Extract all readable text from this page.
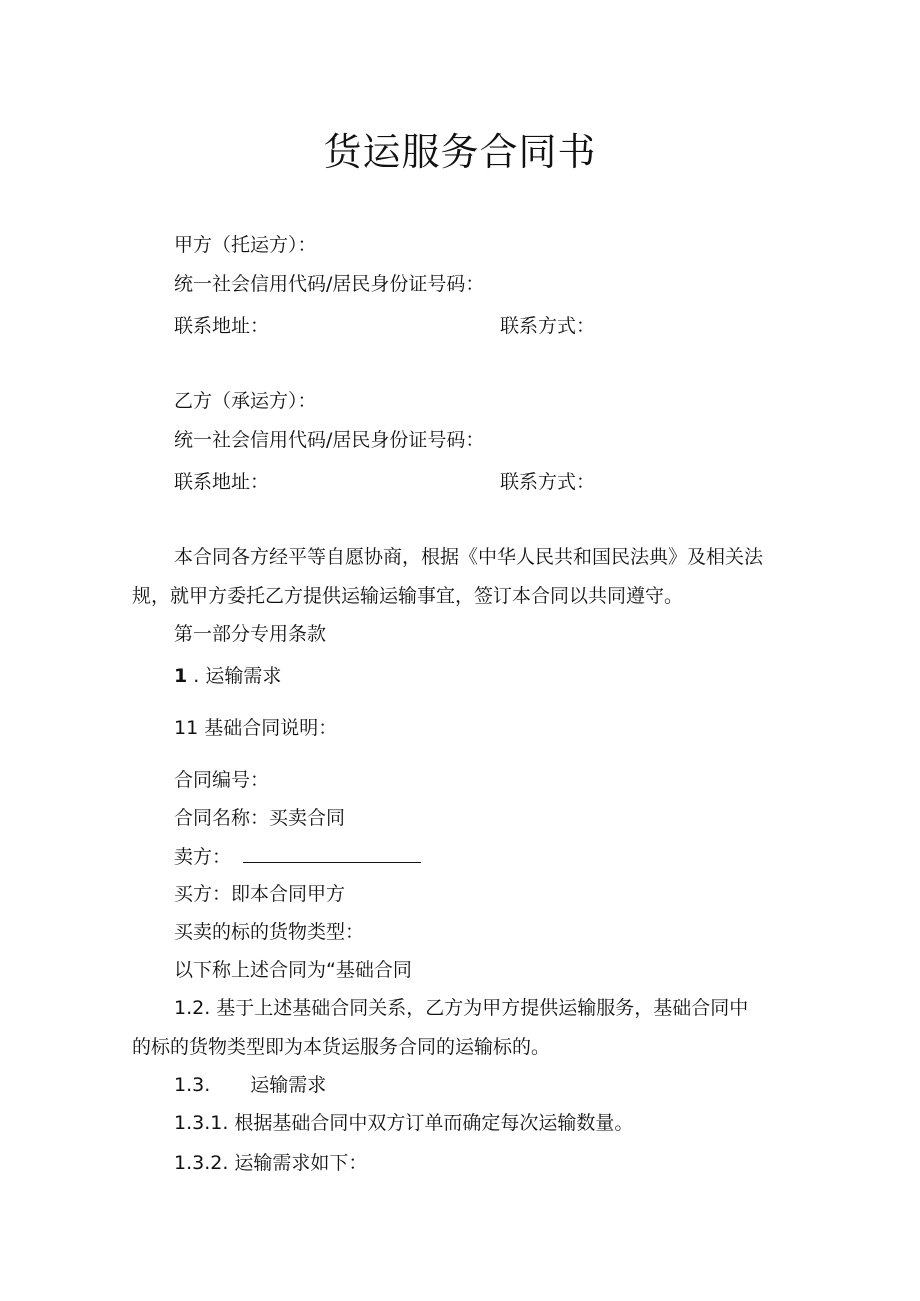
货运服务合同书
甲方（托运方）：
统一社会信用代码/居民身份证号码：
联系地址：	联系方式：
乙方（承运方）：
统一社会信用代码/居民身份证号码：
联系地址：	联系方式：
本合同各方经平等自愿协商，根据《中华人民共和国民法典》及相关法
规，就甲方委托乙方提供运输运输事宜，签订本合同以共同遵守。
第一部分专用条款
1 . 运输需求
11 基础合同说明：
合同编号：
合同名称：买卖合同
卖方：
买方：即本合同甲方
买卖的标的货物类型：
以下称上述合同为“基础合同
1.2. 基于上述基础合同关系，乙方为甲方提供运输服务，基础合同中
的标的货物类型即为本货运服务合同的运输标的。
1.3. 运输需求
1.3.1. 根据基础合同中双方订单而确定每次运输数量。
1.3.2. 运输需求如下：
